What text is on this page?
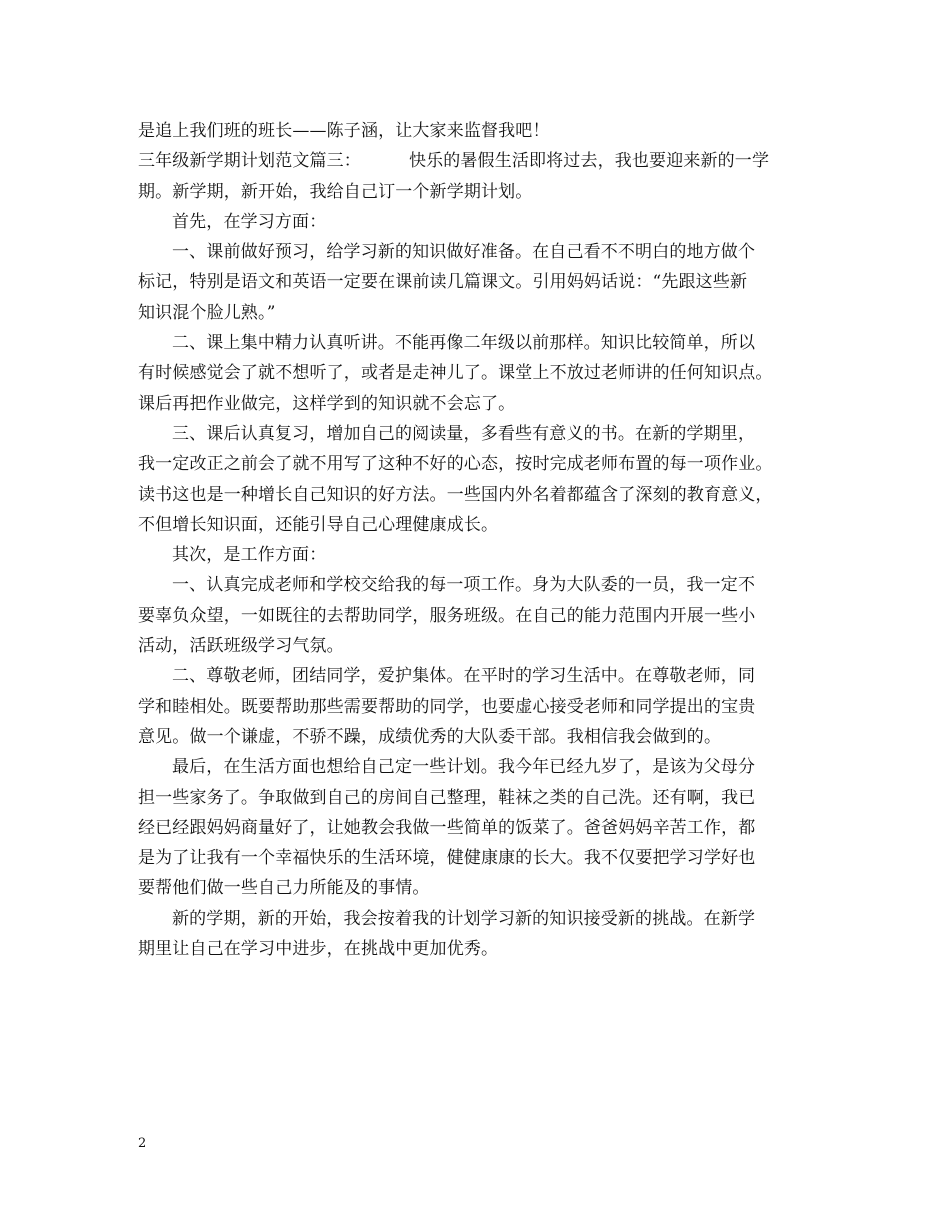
是追上我们班的班长——陈子涵，让大家来监督我吧！
三年级新学期计划范文篇三：	快乐的暑假生活即将过去，我也要迎来新的一学
期。新学期，新开始，我给自己订一个新学期计划。
首先，在学习方面：
一、课前做好预习，给学习新的知识做好准备。在自己看不不明白的地方做个
标记，特别是语文和英语一定要在课前读几篇课文。引用妈妈话说：“先跟这些新
知识混个脸儿熟。”
二、课上集中精力认真听讲。不能再像二年级以前那样。知识比较简单，所以
有时候感觉会了就不想听了，或者是走神儿了。课堂上不放过老师讲的任何知识点。
课后再把作业做完，这样学到的知识就不会忘了。
三、课后认真复习，增加自己的阅读量，多看些有意义的书。在新的学期里，
我一定改正之前会了就不用写了这种不好的心态，按时完成老师布置的每一项作业。
读书这也是一种增长自己知识的好方法。一些国内外名着都蕴含了深刻的教育意义，
不但增长知识面，还能引导自己心理健康成长。
其次，是工作方面：
一、认真完成老师和学校交给我的每一项工作。身为大队委的一员，我一定不
要辜负众望，一如既往的去帮助同学，服务班级。在自己的能力范围内开展一些小
活动，活跃班级学习气氛。
二、尊敬老师，团结同学，爱护集体。在平时的学习生活中。在尊敬老师，同
学和睦相处。既要帮助那些需要帮助的同学，也要虚心接受老师和同学提出的宝贵
意见。做一个谦虚，不骄不躁，成绩优秀的大队委干部。我相信我会做到的。
最后，在生活方面也想给自己定一些计划。我今年已经九岁了，是该为父母分
担一些家务了。争取做到自己的房间自己整理，鞋袜之类的自己洗。还有啊，我已
经已经跟妈妈商量好了，让她教会我做一些简单的饭菜了。爸爸妈妈辛苦工作，都
是为了让我有一个幸福快乐的生活环境，健健康康的长大。我不仅要把学习学好也
要帮他们做一些自己力所能及的事情。
新的学期，新的开始，我会按着我的计划学习新的知识接受新的挑战。在新学
期里让自己在学习中进步，在挑战中更加优秀。
2
